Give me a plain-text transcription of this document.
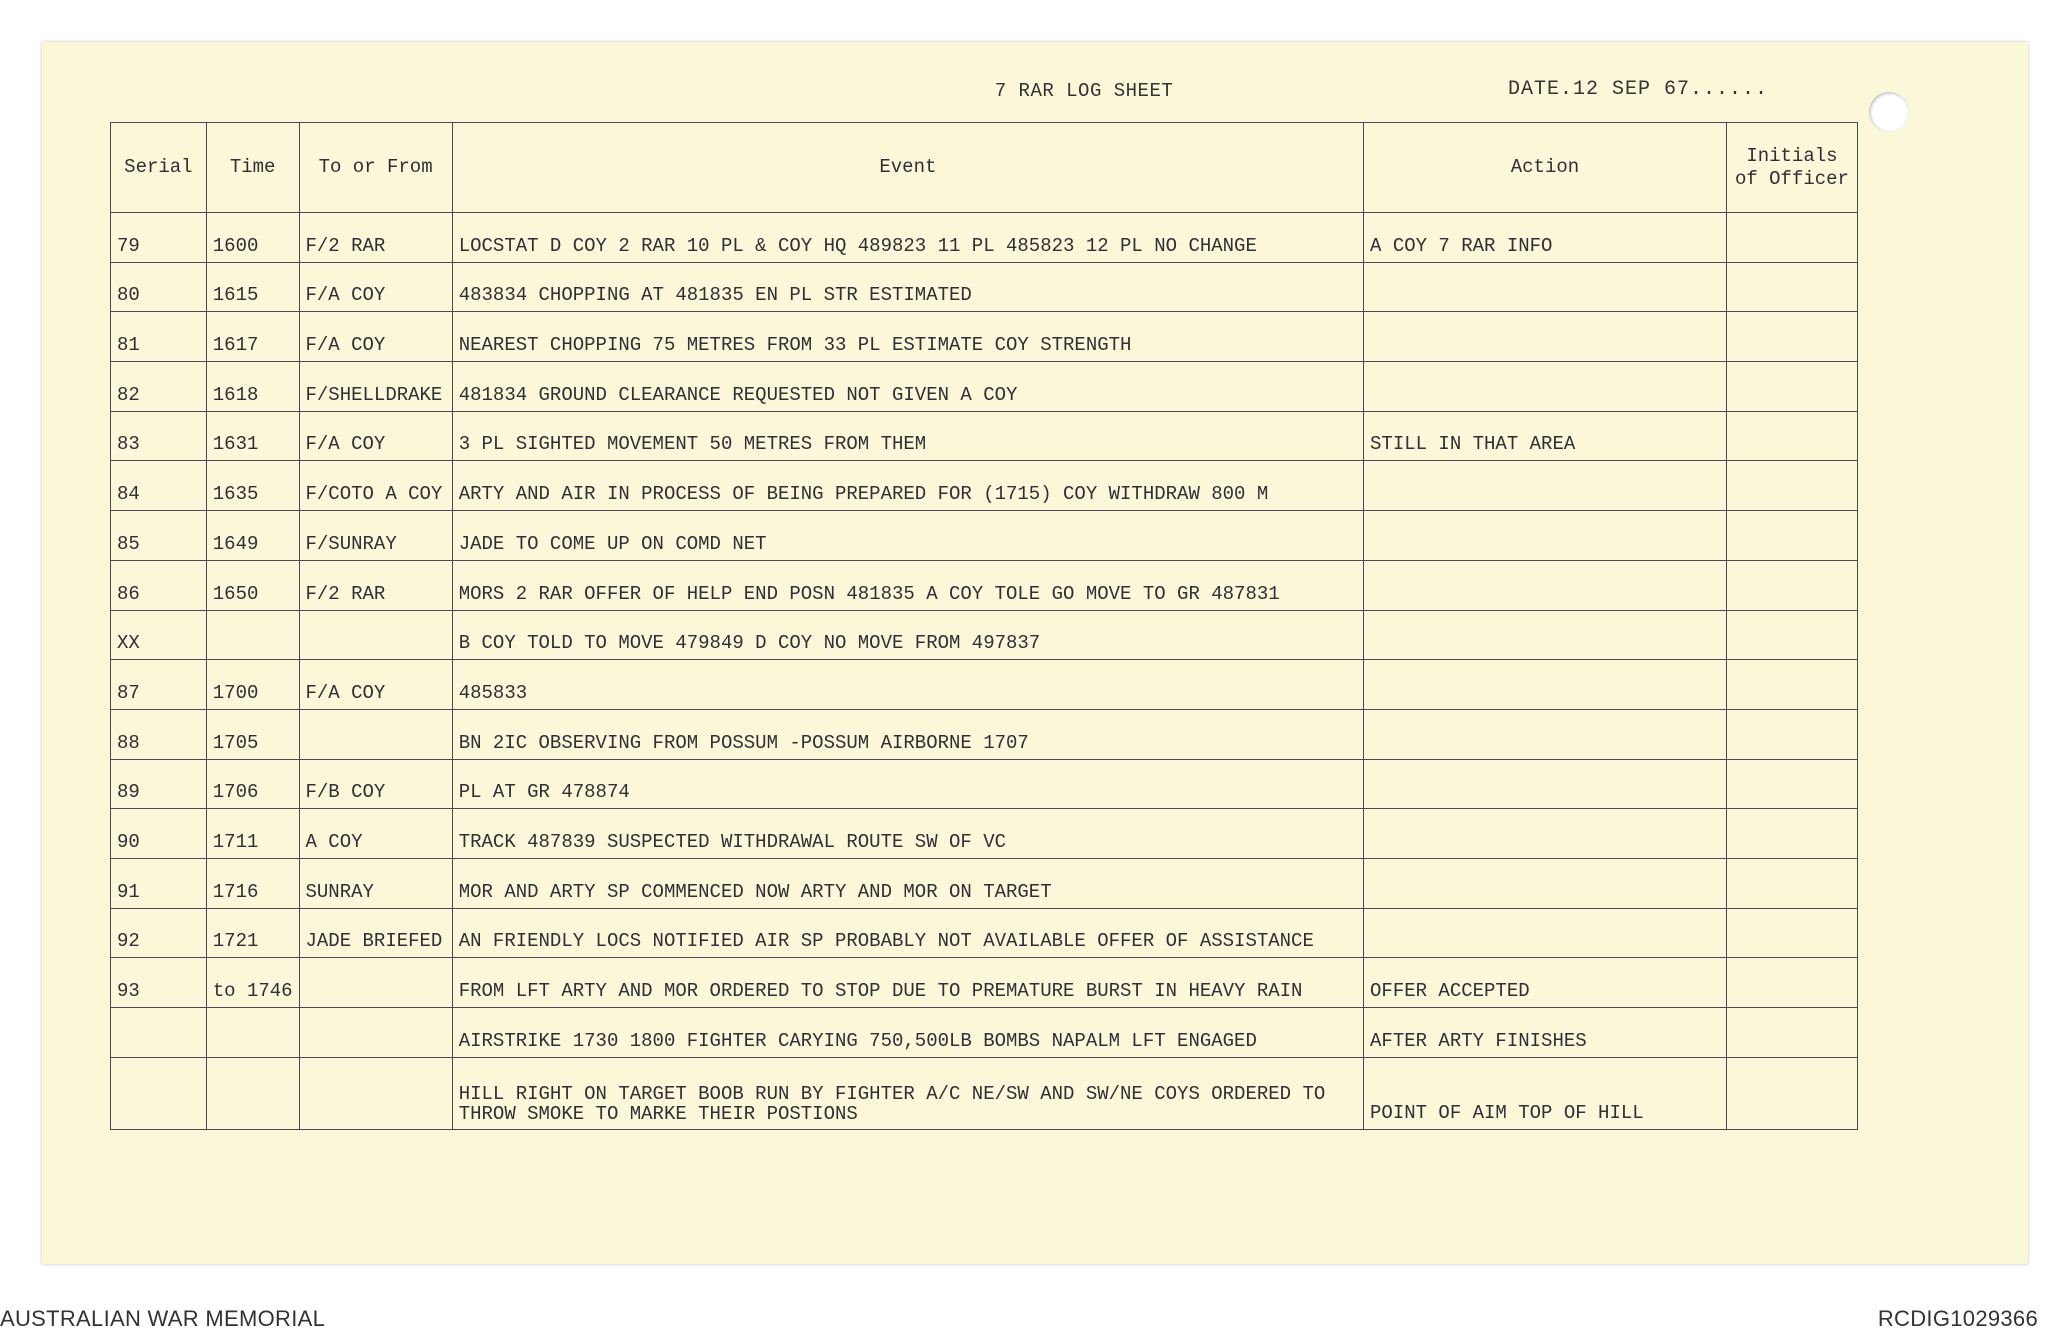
7 RAR LOG SHEET	DATE.12 SEP 67......
Serial	Time	To or From	Event	Action	Initials of Officer
79	1600	F/2 RAR	LOCSTAT D COY 2 RAR 10 PL & COY HQ 489823 11 PL 485823 12 PL NO CHANGE	A COY 7 RAR INFO	
80	1615	F/A COY	483834 CHOPPING AT 481835 EN PL STR ESTIMATED		
81	1617	F/A COY	NEAREST CHOPPING 75 METRES FROM 33 PL ESTIMATE COY STRENGTH		
82	1618	F/SHELLDRAKE	481834 GROUND CLEARANCE REQUESTED NOT GIVEN A COY		
83	1631	F/A COY	3 PL SIGHTED MOVEMENT 50 METRES FROM THEM	STILL IN THAT AREA	
84	1635	F/COTO A COY	ARTY AND AIR IN PROCESS OF BEING PREPARED FOR (1715) COY WITHDRAW 800 M		
85	1649	F/SUNRAY	JADE TO COME UP ON COMD NET		
86	1650	F/2 RAR	MORS 2 RAR OFFER OF HELP END POSN 481835 A COY TOLE GO MOVE TO GR 487831		
XX			B COY TOLD TO MOVE 479849 D COY NO MOVE FROM 497837		
87	1700	F/A COY	485833		
88	1705		BN 2IC OBSERVING FROM POSSUM -POSSUM AIRBORNE 1707		
89	1706	F/B COY	PL AT GR 478874		
90	1711	A COY	TRACK 487839 SUSPECTED WITHDRAWAL ROUTE SW OF VC		
91	1716	SUNRAY	MOR AND ARTY SP COMMENCED NOW ARTY AND MOR ON TARGET		
92	1721	JADE BRIEFED	AN FRIENDLY LOCS NOTIFIED AIR SP PROBABLY NOT AVAILABLE OFFER OF ASSISTANCE		
93	to 1746		FROM LFT ARTY AND MOR ORDERED TO STOP DUE TO PREMATURE BURST IN HEAVY RAIN	OFFER ACCEPTED	
			AIRSTRIKE 1730 1800 FIGHTER CARYING 750,500LB BOMBS NAPALM LFT ENGAGED	AFTER ARTY FINISHES	
			HILL RIGHT ON TARGET BOOB RUN BY FIGHTER A/C NE/SW AND SW/NE COYS ORDERED TO THROW SMOKE TO MARKE THEIR POSTIONS	POINT OF AIM TOP OF HILL	
AUSTRALIAN WAR MEMORIAL	RCDIG1029366
